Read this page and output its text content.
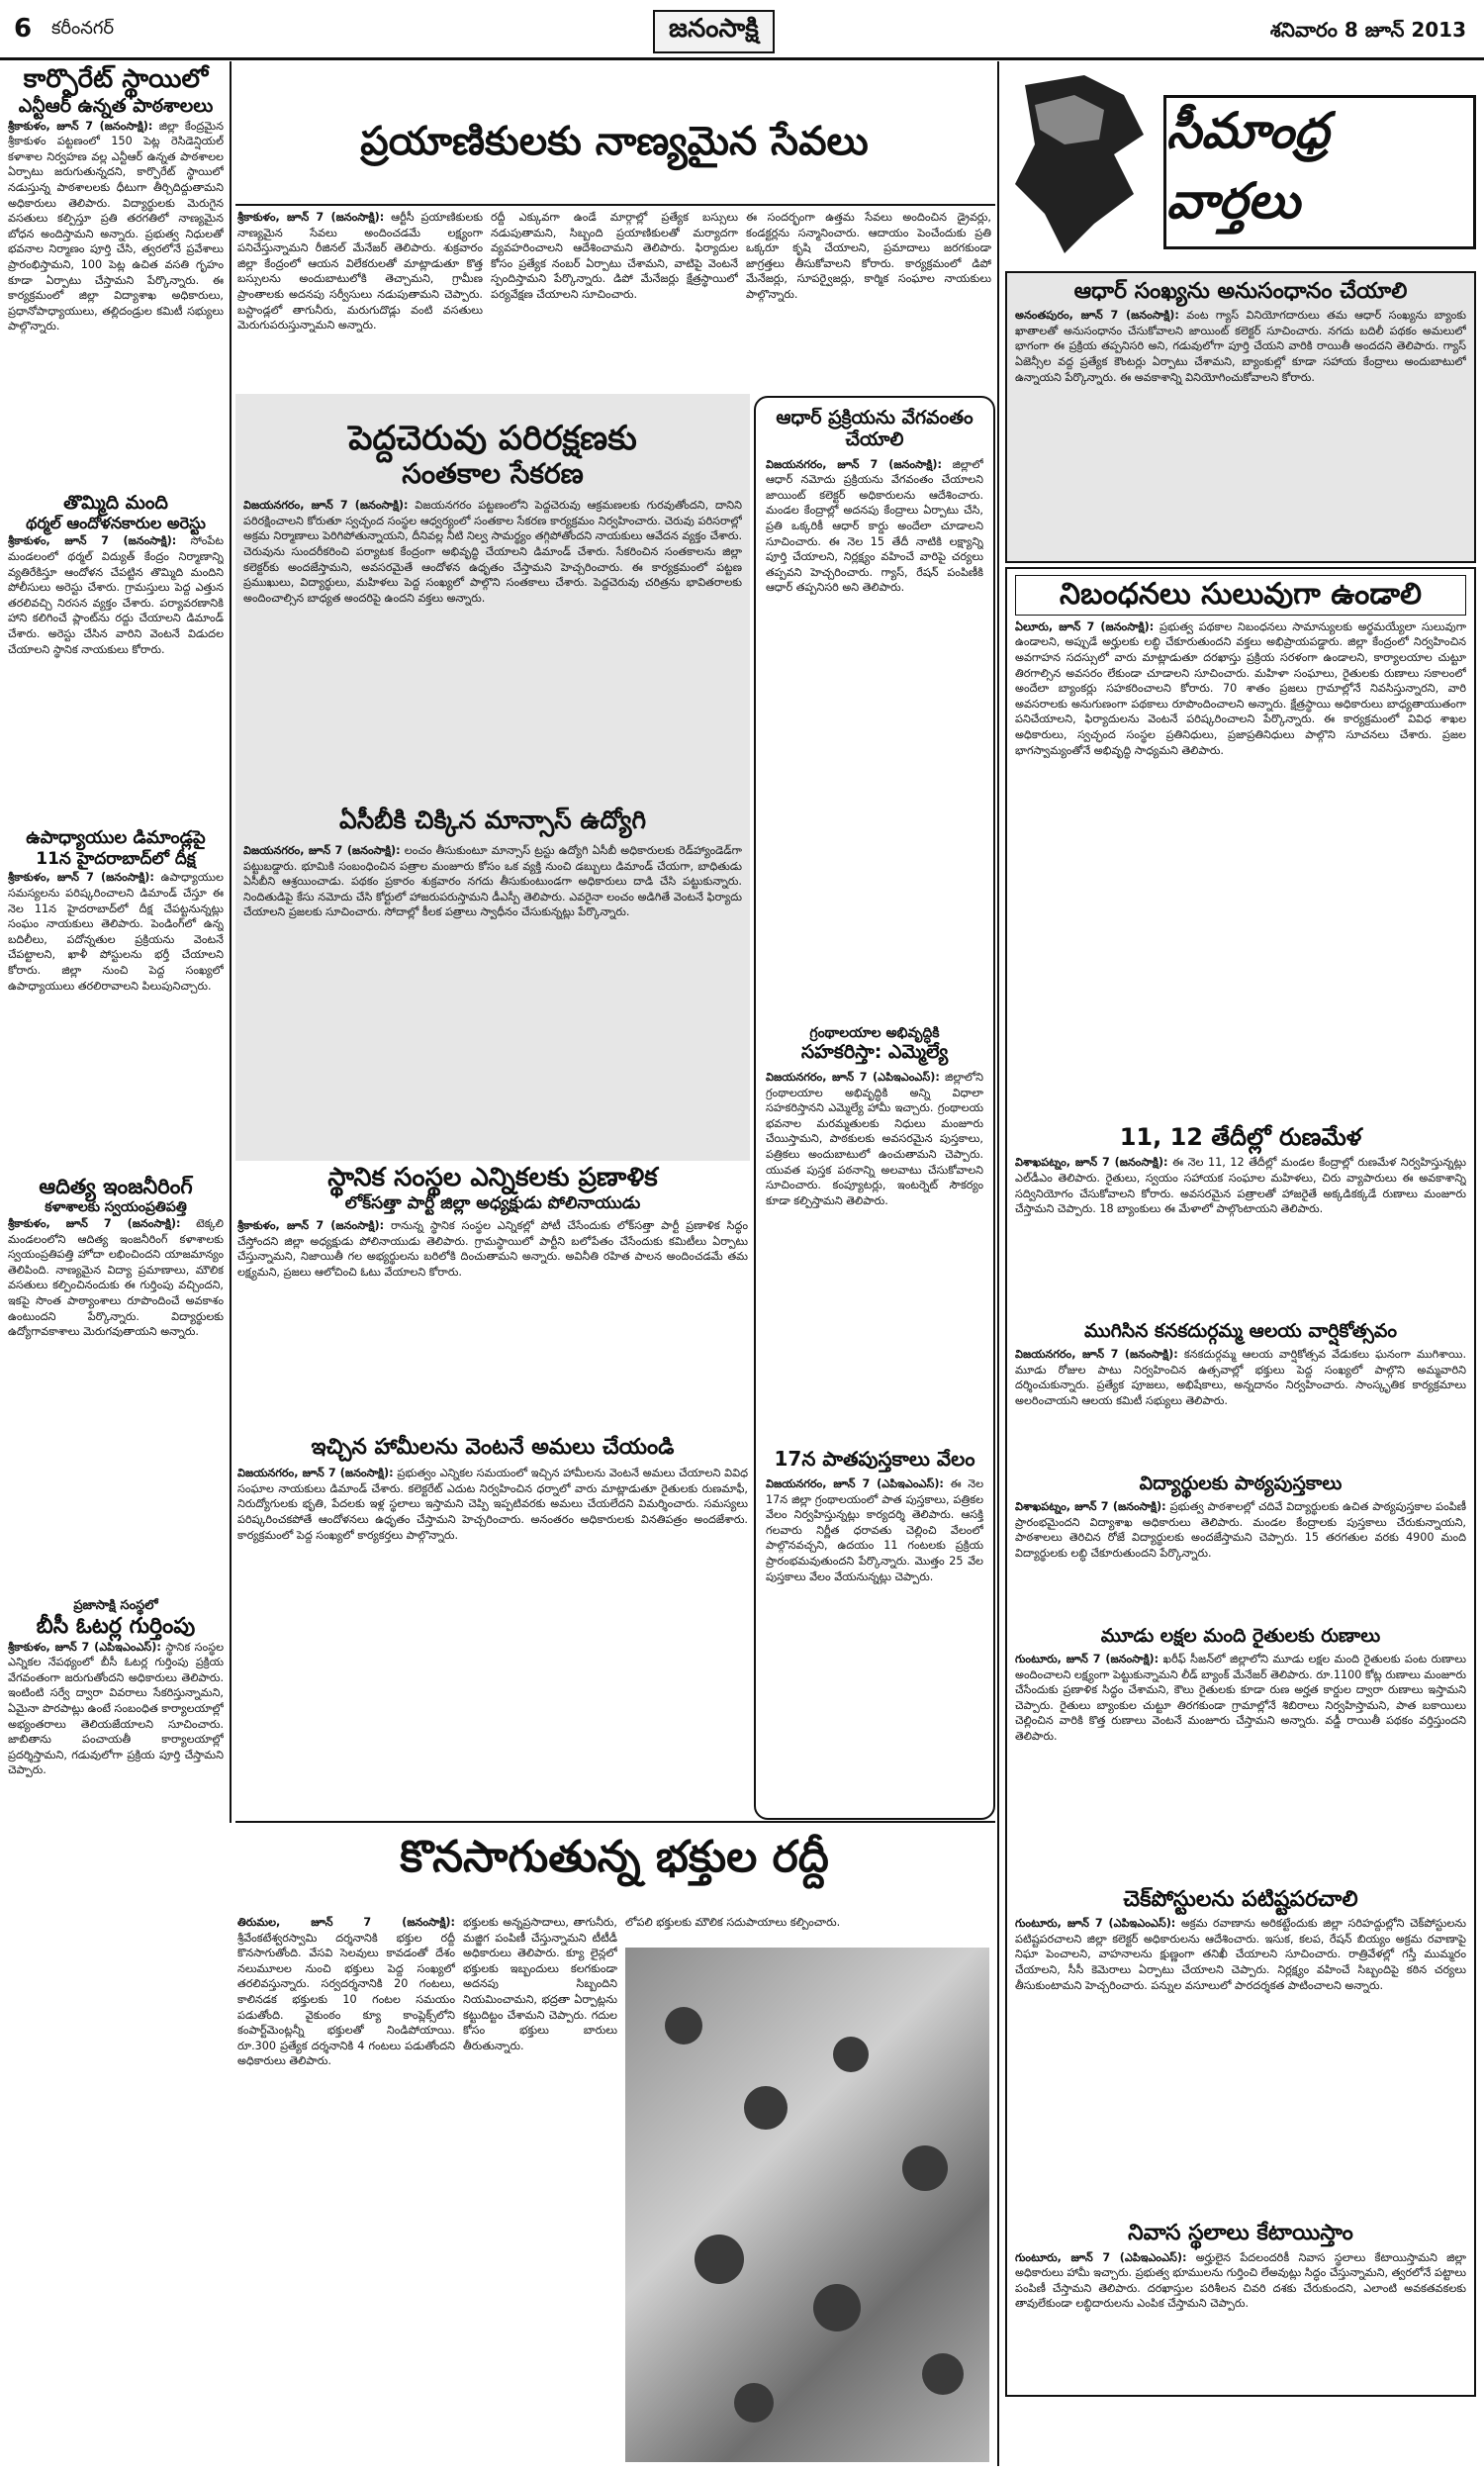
6 కరీంనగర్	జనంసాక్షి	శనివారం 8 జూన్ 2013
కార్పొరేట్ స్థాయిలో
ఎన్టీఆర్ ఉన్నత పాఠశాలలు
శ్రీకాకుళం, జూన్ 7 (జనంసాక్షి): జిల్లా కేంద్రమైన శ్రీకాకుళం పట్టణంలో 150 పెట్ల రెసిడెన్షియల్ కళాశాల నిర్వహణ వల్ల ఎన్టీఆర్ ఉన్నత పాఠశాలల ఏర్పాటు జరుగుతున్నదని, కార్పొరేట్ స్థాయిలో నడుస్తున్న పాఠశాలలకు ధీటుగా తీర్చిదిద్దుతామని అధికారులు తెలిపారు. విద్యార్థులకు మెరుగైన వసతులు కల్పిస్తూ ప్రతి తరగతిలో నాణ్యమైన బోధన అందిస్తామని అన్నారు. ప్రభుత్వ నిధులతో భవనాల నిర్మాణం పూర్తి చేసి, త్వరలోనే ప్రవేశాలు ప్రారంభిస్తామని, 100 పెట్ల ఉచిత వసతి గృహం కూడా ఏర్పాటు చేస్తామని పేర్కొన్నారు. ఈ కార్యక్రమంలో జిల్లా విద్యాశాఖ అధికారులు, ప్రధానోపాధ్యాయులు, తల్లిదండ్రుల కమిటీ సభ్యులు పాల్గొన్నారు.
తొమ్మిది మంది
థర్మల్ ఆందోళనకారుల అరెస్టు
శ్రీకాకుళం, జూన్ 7 (జనంసాక్షి): సోంపేట మండలంలో థర్మల్ విద్యుత్ కేంద్రం నిర్మాణాన్ని వ్యతిరేకిస్తూ ఆందోళన చేపట్టిన తొమ్మిది మందిని పోలీసులు అరెస్టు చేశారు. గ్రామస్తులు పెద్ద ఎత్తున తరలివచ్చి నిరసన వ్యక్తం చేశారు. పర్యావరణానికి హాని కలిగించే ప్లాంట్‌ను రద్దు చేయాలని డిమాండ్ చేశారు. అరెస్టు చేసిన వారిని వెంటనే విడుదల చేయాలని స్థానిక నాయకులు కోరారు.
ఉపాధ్యాయుల డిమాండ్లపై
11న హైదరాబాద్‌లో దీక్ష
శ్రీకాకుళం, జూన్ 7 (జనంసాక్షి): ఉపాధ్యాయుల సమస్యలను పరిష్కరించాలని డిమాండ్ చేస్తూ ఈ నెల 11న హైదరాబాద్‌లో దీక్ష చేపట్టనున్నట్లు సంఘం నాయకులు తెలిపారు. పెండింగ్‌లో ఉన్న బదిలీలు, పదోన్నతుల ప్రక్రియను వెంటనే చేపట్టాలని, ఖాళీ పోస్టులను భర్తీ చేయాలని కోరారు. జిల్లా నుంచి పెద్ద సంఖ్యలో ఉపాధ్యాయులు తరలిరావాలని పిలుపునిచ్చారు.
ఆదిత్య ఇంజనీరింగ్
కళాశాలకు స్వయంప్రతిపత్తి
శ్రీకాకుళం, జూన్ 7 (జనంసాక్షి): టెక్కలి మండలంలోని ఆదిత్య ఇంజనీరింగ్ కళాశాలకు స్వయంప్రతిపత్తి హోదా లభించిందని యాజమాన్యం తెలిపింది. నాణ్యమైన విద్యా ప్రమాణాలు, మౌలిక వసతులు కల్పించినందుకు ఈ గుర్తింపు వచ్చిందని, ఇకపై సొంత పాఠ్యాంశాలు రూపొందించే అవకాశం ఉంటుందని పేర్కొన్నారు. విద్యార్థులకు ఉద్యోగావకాశాలు మెరుగవుతాయని అన్నారు.
ప్రజాసాక్షి సంస్థలో
బీసీ ఓటర్ల గుర్తింపు
శ్రీకాకుళం, జూన్ 7 (ఎపిఇఎంఎస్): స్థానిక సంస్థల ఎన్నికల నేపథ్యంలో బీసీ ఓటర్ల గుర్తింపు ప్రక్రియ వేగవంతంగా జరుగుతోందని అధికారులు తెలిపారు. ఇంటింటి సర్వే ద్వారా వివరాలు సేకరిస్తున్నామని, ఏమైనా పొరపాట్లు ఉంటే సంబంధిత కార్యాలయాల్లో అభ్యంతరాలు తెలియజేయాలని సూచించారు. జాబితాను పంచాయతీ కార్యాలయాల్లో ప్రదర్శిస్తామని, గడువులోగా ప్రక్రియ పూర్తి చేస్తామని చెప్పారు.
ప్రయాణికులకు నాణ్యమైన సేవలు
శ్రీకాకుళం, జూన్ 7 (జనంసాక్షి): ఆర్టీసీ ప్రయాణికులకు నాణ్యమైన సేవలు అందించడమే లక్ష్యంగా పనిచేస్తున్నామని రీజినల్ మేనేజర్ తెలిపారు. శుక్రవారం జిల్లా కేంద్రంలో ఆయన విలేకరులతో మాట్లాడుతూ కొత్త బస్సులను అందుబాటులోకి తెచ్చామని, గ్రామీణ ప్రాంతాలకు అదనపు సర్వీసులు నడుపుతామని చెప్పారు. బస్టాండ్లలో తాగునీరు, మరుగుదొడ్లు వంటి వసతులు మెరుగుపరుస్తున్నామని అన్నారు.
రద్దీ ఎక్కువగా ఉండే మార్గాల్లో ప్రత్యేక బస్సులు నడుపుతామని, సిబ్బంది ప్రయాణికులతో మర్యాదగా వ్యవహరించాలని ఆదేశించామని తెలిపారు. ఫిర్యాదుల కోసం ప్రత్యేక నంబర్ ఏర్పాటు చేశామని, వాటిపై వెంటనే స్పందిస్తామని పేర్కొన్నారు. డిపో మేనేజర్లు క్షేత్రస్థాయిలో పర్యవేక్షణ చేయాలని సూచించారు.
ఈ సందర్భంగా ఉత్తమ సేవలు అందించిన డ్రైవర్లు, కండక్టర్లను సన్మానించారు. ఆదాయం పెంచేందుకు ప్రతి ఒక్కరూ కృషి చేయాలని, ప్రమాదాలు జరగకుండా జాగ్రత్తలు తీసుకోవాలని కోరారు. కార్యక్రమంలో డిపో మేనేజర్లు, సూపర్వైజర్లు, కార్మిక సంఘాల నాయకులు పాల్గొన్నారు.
పెద్దచెరువు పరిరక్షణకు
సంతకాల సేకరణ
విజయనగరం, జూన్ 7 (జనంసాక్షి): విజయనగరం పట్టణంలోని పెద్దచెరువు ఆక్రమణలకు గురవుతోందని, దానిని పరిరక్షించాలని కోరుతూ స్వచ్ఛంద సంస్థల ఆధ్వర్యంలో సంతకాల సేకరణ కార్యక్రమం నిర్వహించారు. చెరువు పరిసరాల్లో అక్రమ నిర్మాణాలు పెరిగిపోతున్నాయని, దీనివల్ల నీటి నిల్వ సామర్థ్యం తగ్గిపోతోందని నాయకులు ఆవేదన వ్యక్తం చేశారు. చెరువును సుందరీకరించి పర్యాటక కేంద్రంగా అభివృద్ధి చేయాలని డిమాండ్ చేశారు. సేకరించిన సంతకాలను జిల్లా కలెక్టర్‌కు అందజేస్తామని, అవసరమైతే ఆందోళన ఉధృతం చేస్తామని హెచ్చరించారు. ఈ కార్యక్రమంలో పట్టణ ప్రముఖులు, విద్యార్థులు, మహిళలు పెద్ద సంఖ్యలో పాల్గొని సంతకాలు చేశారు. పెద్దచెరువు చరిత్రను భావితరాలకు అందించాల్సిన బాధ్యత అందరిపై ఉందని వక్తలు అన్నారు.
ఏసీబీకి చిక్కిన మాన్సాస్ ఉద్యోగి
విజయనగరం, జూన్ 7 (జనంసాక్షి): లంచం తీసుకుంటూ మాన్సాస్ ట్రస్టు ఉద్యోగి ఏసీబీ అధికారులకు రెడ్‌హ్యాండెడ్‌గా పట్టుబడ్డారు. భూమికి సంబంధించిన పత్రాల మంజూరు కోసం ఒక వ్యక్తి నుంచి డబ్బులు డిమాండ్ చేయగా, బాధితుడు ఏసీబీని ఆశ్రయించాడు. పథకం ప్రకారం శుక్రవారం నగదు తీసుకుంటుండగా అధికారులు దాడి చేసి పట్టుకున్నారు. నిందితుడిపై కేసు నమోదు చేసి కోర్టులో హాజరుపరుస్తామని డీఎస్పీ తెలిపారు. ఎవరైనా లంచం అడిగితే వెంటనే ఫిర్యాదు చేయాలని ప్రజలకు సూచించారు. సోదాల్లో కీలక పత్రాలు స్వాధీనం చేసుకున్నట్లు పేర్కొన్నారు.
స్థానిక సంస్థల ఎన్నికలకు ప్రణాళిక
లోక్‌సత్తా పార్టీ జిల్లా అధ్యక్షుడు పోలినాయుడు
శ్రీకాకుళం, జూన్ 7 (జనంసాక్షి): రానున్న స్థానిక సంస్థల ఎన్నికల్లో పోటీ చేసేందుకు లోక్‌సత్తా పార్టీ ప్రణాళిక సిద్ధం చేస్తోందని జిల్లా అధ్యక్షుడు పోలినాయుడు తెలిపారు. గ్రామస్థాయిలో పార్టీని బలోపేతం చేసేందుకు కమిటీలు ఏర్పాటు చేస్తున్నామని, నిజాయితీ గల అభ్యర్థులను బరిలోకి దించుతామని అన్నారు. అవినీతి రహిత పాలన అందించడమే తమ లక్ష్యమని, ప్రజలు ఆలోచించి ఓటు వేయాలని కోరారు.
ఇచ్చిన హామీలను వెంటనే అమలు చేయండి
విజయనగరం, జూన్ 7 (జనంసాక్షి): ప్రభుత్వం ఎన్నికల సమయంలో ఇచ్చిన హామీలను వెంటనే అమలు చేయాలని వివిధ సంఘాల నాయకులు డిమాండ్ చేశారు. కలెక్టరేట్ ఎదుట నిర్వహించిన ధర్నాలో వారు మాట్లాడుతూ రైతులకు రుణమాఫీ, నిరుద్యోగులకు భృతి, పేదలకు ఇళ్ల స్థలాలు ఇస్తామని చెప్పి ఇప్పటివరకు అమలు చేయలేదని విమర్శించారు. సమస్యలు పరిష్కరించకపోతే ఆందోళనలు ఉధృతం చేస్తామని హెచ్చరించారు. అనంతరం అధికారులకు వినతిపత్రం అందజేశారు. కార్యక్రమంలో పెద్ద సంఖ్యలో కార్యకర్తలు పాల్గొన్నారు.
ఆధార్ ప్రక్రియను వేగవంతం చేయాలి
విజయనగరం, జూన్ 7 (జనంసాక్షి): జిల్లాలో ఆధార్ నమోదు ప్రక్రియను వేగవంతం చేయాలని జాయింట్ కలెక్టర్ అధికారులను ఆదేశించారు. మండల కేంద్రాల్లో అదనపు కేంద్రాలు ఏర్పాటు చేసి, ప్రతి ఒక్కరికీ ఆధార్ కార్డు అందేలా చూడాలని సూచించారు. ఈ నెల 15 తేదీ నాటికి లక్ష్యాన్ని పూర్తి చేయాలని, నిర్లక్ష్యం వహించే వారిపై చర్యలు తప్పవని హెచ్చరించారు. గ్యాస్, రేషన్ పంపిణీకి ఆధార్ తప్పనిసరి అని తెలిపారు.
గ్రంథాలయాల అభివృద్ధికి
సహకరిస్తా: ఎమ్మెల్యే
విజయనగరం, జూన్ 7 (ఎపిఇఎంఎస్): జిల్లాలోని గ్రంథాలయాల అభివృద్ధికి అన్ని విధాలా సహకరిస్తానని ఎమ్మెల్యే హామీ ఇచ్చారు. గ్రంథాలయ భవనాల మరమ్మతులకు నిధులు మంజూరు చేయిస్తామని, పాఠకులకు అవసరమైన పుస్తకాలు, పత్రికలు అందుబాటులో ఉంచుతామని చెప్పారు. యువత పుస్తక పఠనాన్ని అలవాటు చేసుకోవాలని సూచించారు. కంప్యూటర్లు, ఇంటర్నెట్ సౌకర్యం కూడా కల్పిస్తామని తెలిపారు.
17న పాతపుస్తకాలు వేలం
విజయనగరం, జూన్ 7 (ఎపిఇఎంఎస్): ఈ నెల 17న జిల్లా గ్రంథాలయంలో పాత పుస్తకాలు, పత్రికల వేలం నిర్వహిస్తున్నట్లు కార్యదర్శి తెలిపారు. ఆసక్తి గలవారు నిర్ణీత ధరావతు చెల్లించి వేలంలో పాల్గొనవచ్చని, ఉదయం 11 గంటలకు ప్రక్రియ ప్రారంభమవుతుందని పేర్కొన్నారు. మొత్తం 25 వేల పుస్తకాలు వేలం వేయనున్నట్లు చెప్పారు.
కొనసాగుతున్న భక్తుల రద్దీ
తిరుమల, జూన్ 7 (జనంసాక్షి): శ్రీవేంకటేశ్వరస్వామి దర్శనానికి భక్తుల రద్దీ కొనసాగుతోంది. వేసవి సెలవులు కావడంతో దేశం నలుమూలల నుంచి భక్తులు పెద్ద సంఖ్యలో తరలివస్తున్నారు. సర్వదర్శనానికి 20 గంటలు, కాలినడక భక్తులకు 10 గంటల సమయం పడుతోంది. వైకుంఠం క్యూ కాంప్లెక్స్‌లోని కంపార్ట్‌మెంట్లన్నీ భక్తులతో నిండిపోయాయి. రూ.300 ప్రత్యేక దర్శనానికి 4 గంటలు పడుతోందని అధికారులు తెలిపారు.
భక్తులకు అన్నప్రసాదాలు, తాగునీరు, మజ్జిగ పంపిణీ చేస్తున్నామని టీటీడీ అధికారులు తెలిపారు. క్యూ లైన్లలో భక్తులకు ఇబ్బందులు కలగకుండా అదనపు సిబ్బందిని నియమించామని, భద్రతా ఏర్పాట్లను కట్టుదిట్టం చేశామని చెప్పారు. గదుల కోసం భక్తులు బారులు తీరుతున్నారు.
లోపలి భక్తులకు మౌలిక సదుపాయాలు కల్పించారు.
సీమాంధ్ర వార్తలు
ఆధార్ సంఖ్యను అనుసంధానం చేయాలి
అనంతపురం, జూన్ 7 (జనంసాక్షి): వంట గ్యాస్ వినియోగదారులు తమ ఆధార్ సంఖ్యను బ్యాంకు ఖాతాలతో అనుసంధానం చేసుకోవాలని జాయింట్ కలెక్టర్ సూచించారు. నగదు బదిలీ పథకం అమలులో భాగంగా ఈ ప్రక్రియ తప్పనిసరి అని, గడువులోగా పూర్తి చేయని వారికి రాయితీ అందదని తెలిపారు. గ్యాస్ ఏజెన్సీల వద్ద ప్రత్యేక కౌంటర్లు ఏర్పాటు చేశామని, బ్యాంకుల్లో కూడా సహాయ కేంద్రాలు అందుబాటులో ఉన్నాయని పేర్కొన్నారు. ఈ అవకాశాన్ని వినియోగించుకోవాలని కోరారు.
నిబంధనలు సులువుగా ఉండాలి
ఏలూరు, జూన్ 7 (జనంసాక్షి): ప్రభుత్వ పథకాల నిబంధనలు సామాన్యులకు అర్థమయ్యేలా సులువుగా ఉండాలని, అప్పుడే అర్హులకు లబ్ధి చేకూరుతుందని వక్తలు అభిప్రాయపడ్డారు. జిల్లా కేంద్రంలో నిర్వహించిన అవగాహన సదస్సులో వారు మాట్లాడుతూ దరఖాస్తు ప్రక్రియ సరళంగా ఉండాలని, కార్యాలయాల చుట్టూ తిరగాల్సిన అవసరం లేకుండా చూడాలని సూచించారు. మహిళా సంఘాలు, రైతులకు రుణాలు సకాలంలో అందేలా బ్యాంకర్లు సహకరించాలని కోరారు. 70 శాతం ప్రజలు గ్రామాల్లోనే నివసిస్తున్నారని, వారి అవసరాలకు అనుగుణంగా పథకాలు రూపొందించాలని అన్నారు. క్షేత్రస్థాయి అధికారులు బాధ్యతాయుతంగా పనిచేయాలని, ఫిర్యాదులను వెంటనే పరిష్కరించాలని పేర్కొన్నారు. ఈ కార్యక్రమంలో వివిధ శాఖల అధికారులు, స్వచ్ఛంద సంస్థల ప్రతినిధులు, ప్రజాప్రతినిధులు పాల్గొని సూచనలు చేశారు. ప్రజల భాగస్వామ్యంతోనే అభివృద్ధి సాధ్యమని తెలిపారు.
11, 12 తేదీల్లో రుణమేళ
విశాఖపట్నం, జూన్ 7 (జనంసాక్షి): ఈ నెల 11, 12 తేదీల్లో మండల కేంద్రాల్లో రుణమేళ నిర్వహిస్తున్నట్లు ఎల్‌డీఎం తెలిపారు. రైతులు, స్వయం సహాయక సంఘాల మహిళలు, చిరు వ్యాపారులు ఈ అవకాశాన్ని సద్వినియోగం చేసుకోవాలని కోరారు. అవసరమైన పత్రాలతో హాజరైతే అక్కడికక్కడే రుణాలు మంజూరు చేస్తామని చెప్పారు. 18 బ్యాంకులు ఈ మేళాలో పాల్గొంటాయని తెలిపారు.
ముగిసిన కనకదుర్గమ్మ ఆలయ వార్షికోత్సవం
విజయనగరం, జూన్ 7 (జనంసాక్షి): కనకదుర్గమ్మ ఆలయ వార్షికోత్సవ వేడుకలు ఘనంగా ముగిశాయి. మూడు రోజుల పాటు నిర్వహించిన ఉత్సవాల్లో భక్తులు పెద్ద సంఖ్యలో పాల్గొని అమ్మవారిని దర్శించుకున్నారు. ప్రత్యేక పూజలు, అభిషేకాలు, అన్నదానం నిర్వహించారు. సాంస్కృతిక కార్యక్రమాలు అలరించాయని ఆలయ కమిటీ సభ్యులు తెలిపారు.
విద్యార్థులకు పాఠ్యపుస్తకాలు
విశాఖపట్నం, జూన్ 7 (జనంసాక్షి): ప్రభుత్వ పాఠశాలల్లో చదివే విద్యార్థులకు ఉచిత పాఠ్యపుస్తకాల పంపిణీ ప్రారంభమైందని విద్యాశాఖ అధికారులు తెలిపారు. మండల కేంద్రాలకు పుస్తకాలు చేరుకున్నాయని, పాఠశాలలు తెరిచిన రోజే విద్యార్థులకు అందజేస్తామని చెప్పారు. 15 తరగతుల వరకు 4900 మంది విద్యార్థులకు లబ్ధి చేకూరుతుందని పేర్కొన్నారు.
మూడు లక్షల మంది రైతులకు రుణాలు
గుంటూరు, జూన్ 7 (జనంసాక్షి): ఖరీఫ్ సీజన్‌లో జిల్లాలోని మూడు లక్షల మంది రైతులకు పంట రుణాలు అందించాలని లక్ష్యంగా పెట్టుకున్నామని లీడ్ బ్యాంక్ మేనేజర్ తెలిపారు. రూ.1100 కోట్ల రుణాలు మంజూరు చేసేందుకు ప్రణాళిక సిద్ధం చేశామని, కౌలు రైతులకు కూడా రుణ అర్హత కార్డుల ద్వారా రుణాలు ఇస్తామని చెప్పారు. రైతులు బ్యాంకుల చుట్టూ తిరగకుండా గ్రామాల్లోనే శిబిరాలు నిర్వహిస్తామని, పాత బకాయిలు చెల్లించిన వారికి కొత్త రుణాలు వెంటనే మంజూరు చేస్తామని అన్నారు. వడ్డీ రాయితీ పథకం వర్తిస్తుందని తెలిపారు.
చెక్‌పోస్టులను పటిష్టపరచాలి
గుంటూరు, జూన్ 7 (ఎపిఇఎంఎస్): అక్రమ రవాణాను అరికట్టేందుకు జిల్లా సరిహద్దుల్లోని చెక్‌పోస్టులను పటిష్టపరచాలని జిల్లా కలెక్టర్ అధికారులను ఆదేశించారు. ఇసుక, కలప, రేషన్ బియ్యం అక్రమ రవాణాపై నిఘా పెంచాలని, వాహనాలను క్షుణ్ణంగా తనిఖీ చేయాలని సూచించారు. రాత్రివేళల్లో గస్తీ ముమ్మరం చేయాలని, సీసీ కెమెరాలు ఏర్పాటు చేయాలని చెప్పారు. నిర్లక్ష్యం వహించే సిబ్బందిపై కఠిన చర్యలు తీసుకుంటామని హెచ్చరించారు. పన్నుల వసూలులో పారదర్శకత పాటించాలని అన్నారు.
నివాస స్థలాలు కేటాయిస్తాం
గుంటూరు, జూన్ 7 (ఎపిఇఎంఎస్): అర్హులైన పేదలందరికీ నివాస స్థలాలు కేటాయిస్తామని జిల్లా అధికారులు హామీ ఇచ్చారు. ప్రభుత్వ భూములను గుర్తించి లేఅవుట్లు సిద్ధం చేస్తున్నామని, త్వరలోనే పట్టాలు పంపిణీ చేస్తామని తెలిపారు. దరఖాస్తుల పరిశీలన చివరి దశకు చేరుకుందని, ఎలాంటి అవకతవకలకు తావులేకుండా లబ్ధిదారులను ఎంపిక చేస్తామని చెప్పారు.
